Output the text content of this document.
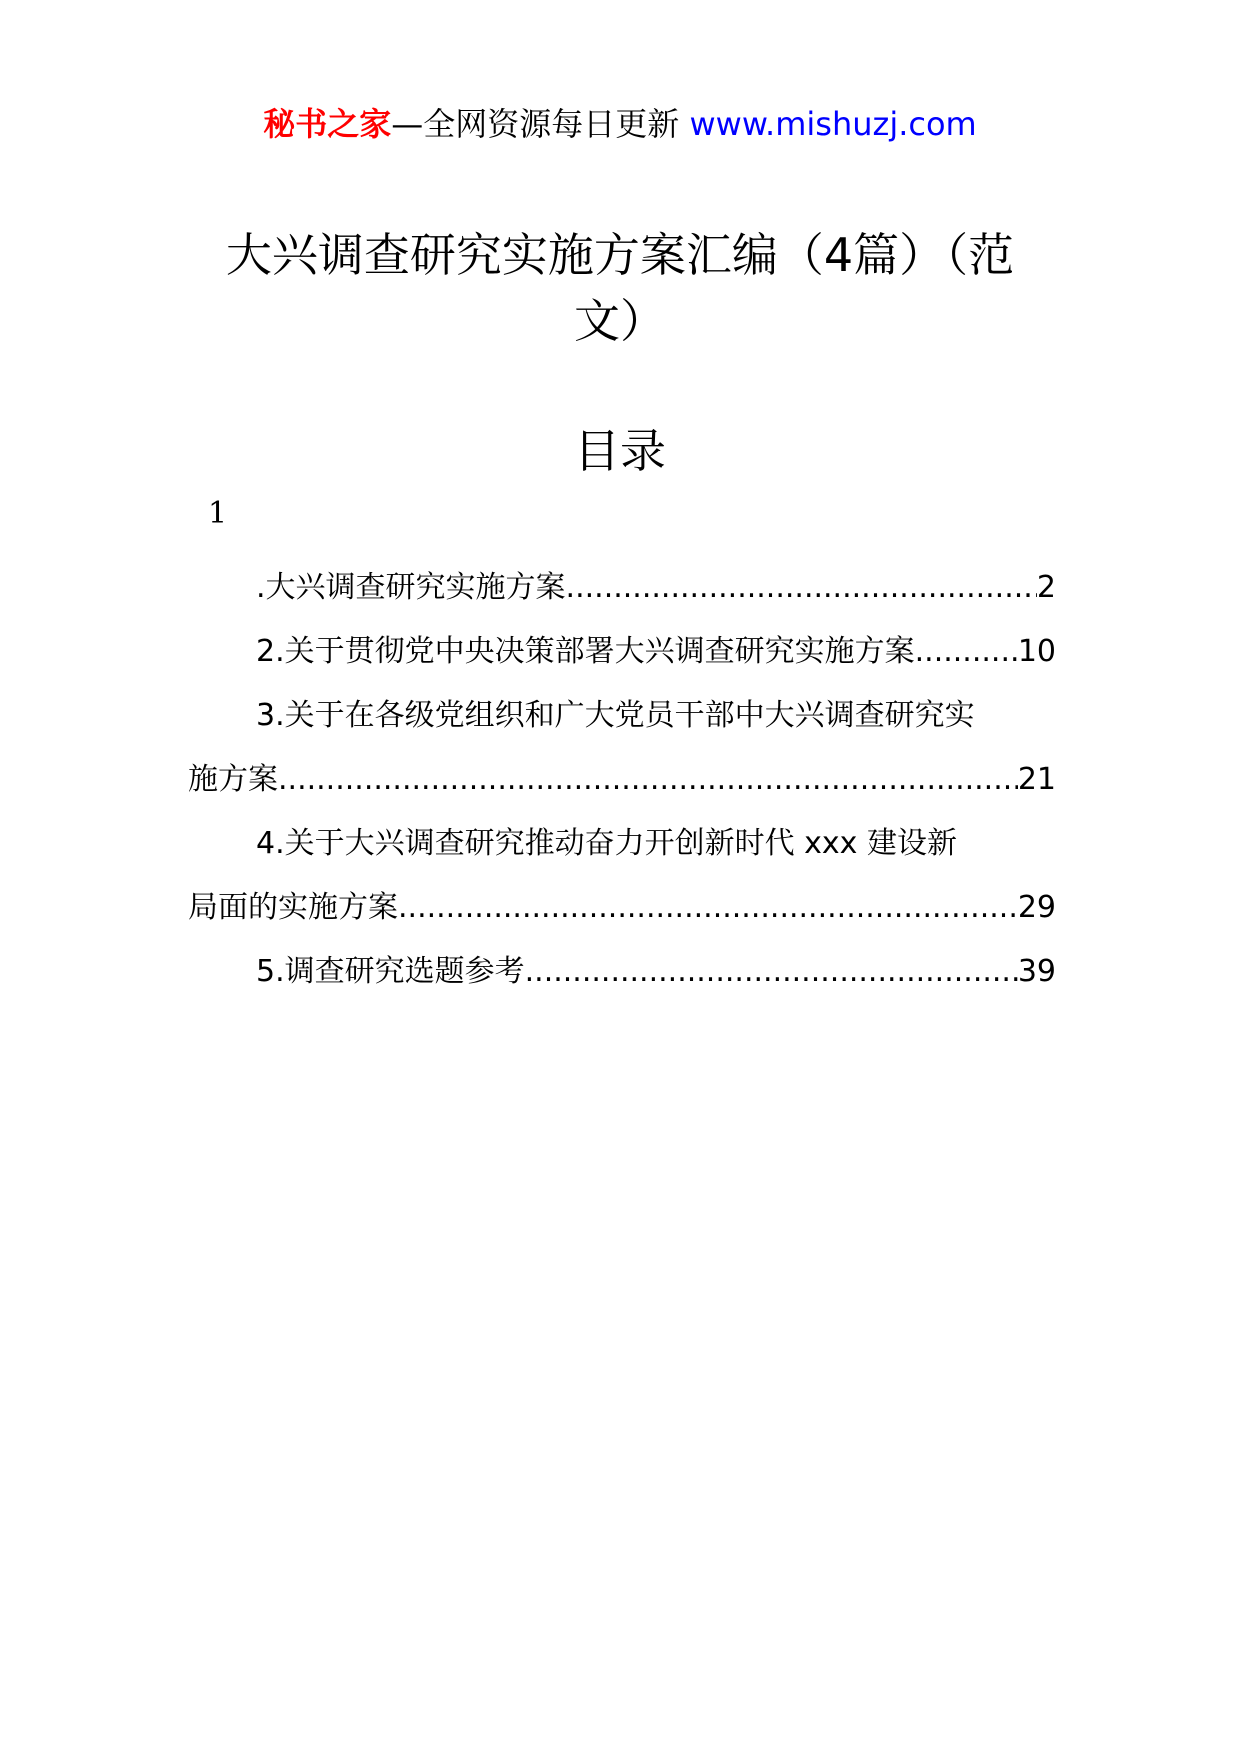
秘书之家—全网资源每日更新 www.mishuzj.com
大兴调查研究实施方案汇编（4篇）（范
文）
目录
1
.大兴调查研究实施方案 .....	2
2.关于贯彻党中央决策部署大兴调查研究实施方案 .....	10
3.关于在各级党组织和广大党员干部中大兴调查研究实
施方案 .....	21
4.关于大兴调查研究推动奋力开创新时代 xxx 建设新
局面的实施方案 .....	29
5.调查研究选题参考 .....	39
